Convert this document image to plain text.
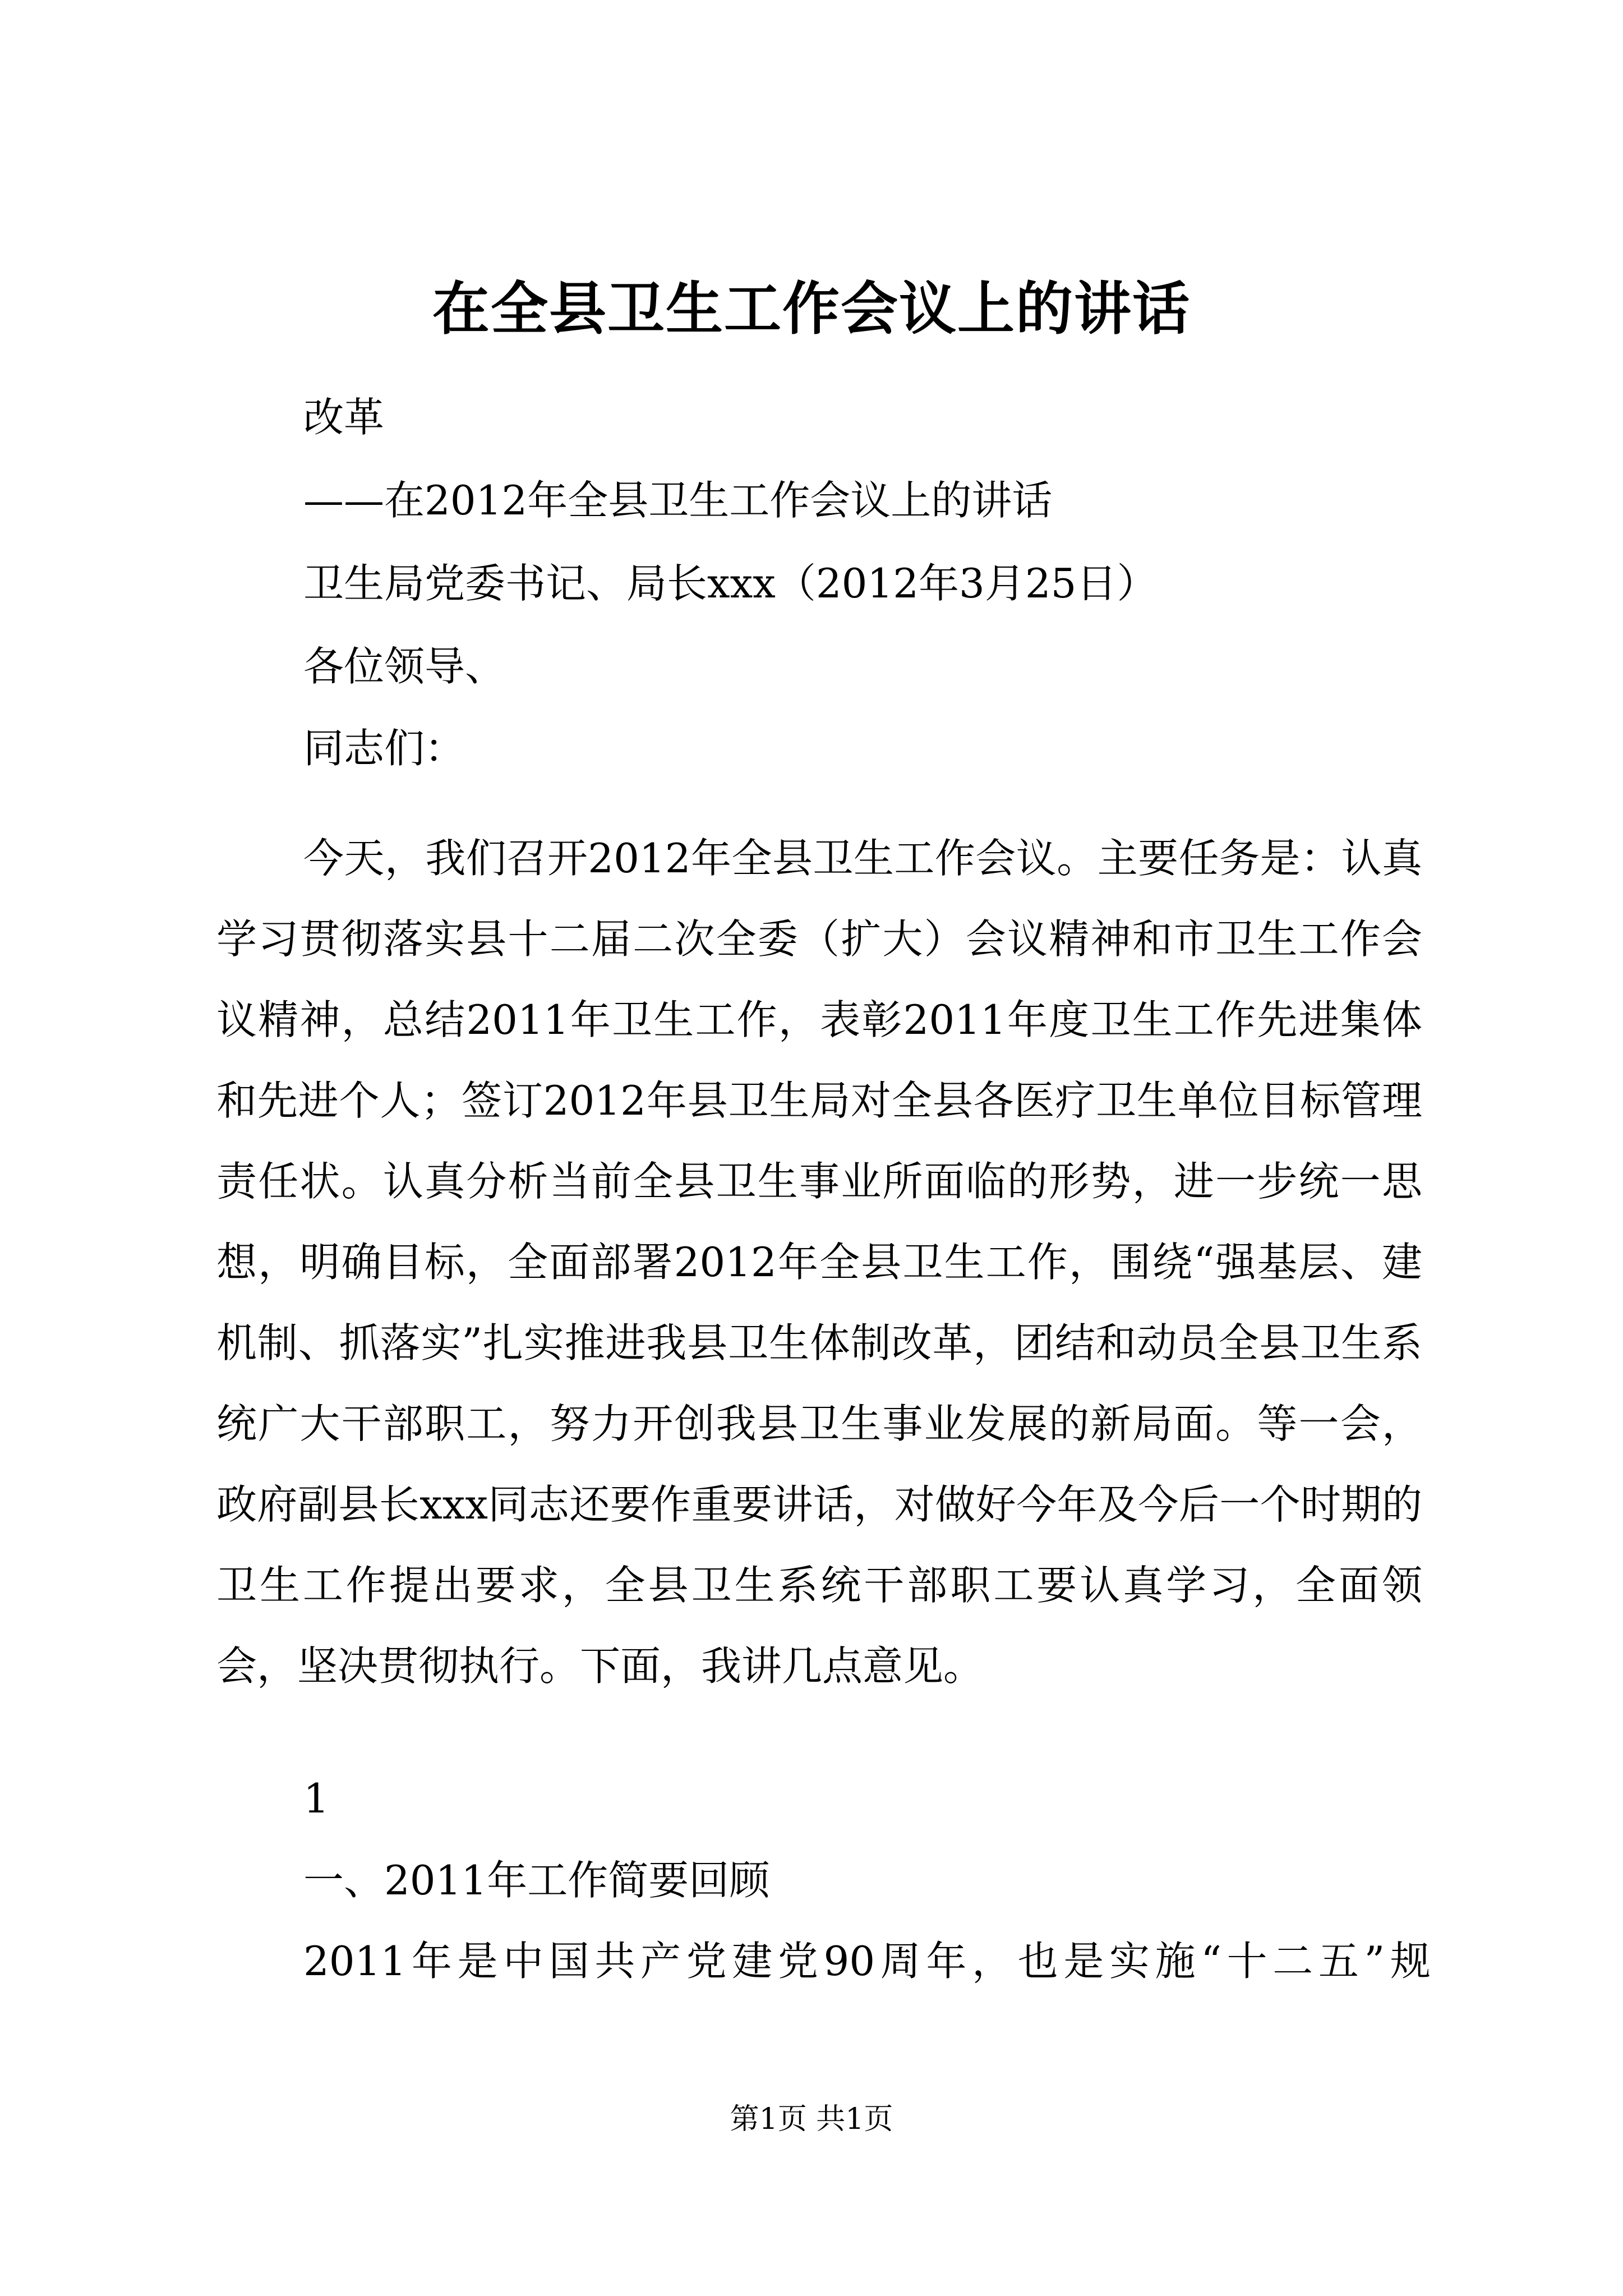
在全县卫生工作会议上的讲话
改革
——在2012年全县卫生工作会议上的讲话
卫生局党委书记、局长xxx（2012年3月25日）
各位领导、
同志们：

今天，我们召开2012年全县卫生工作会议。主要任务是：认真学习贯彻落实县十二届二次全委（扩大）会议精神和市卫生工作会议精神，总结2011年卫生工作，表彰2011年度卫生工作先进集体和先进个人；签订2012年县卫生局对全县各医疗卫生单位目标管理责任状。认真分析当前全县卫生事业所面临的形势，进一步统一思想，明确目标，全面部署2012年全县卫生工作，围绕“强基层、建机制、抓落实”扎实推进我县卫生体制改革，团结和动员全县卫生系统广大干部职工，努力开创我县卫生事业发展的新局面。等一会，政府副县长xxx同志还要作重要讲话，对做好今年及今后一个时期的卫生工作提出要求，全县卫生系统干部职工要认真学习，全面领会，坚决贯彻执行。下面，我讲几点意见。

1
一、2011年工作简要回顾
2011年是中国共产党建党90周年，也是实施“十二五”规
第1页 共1页
